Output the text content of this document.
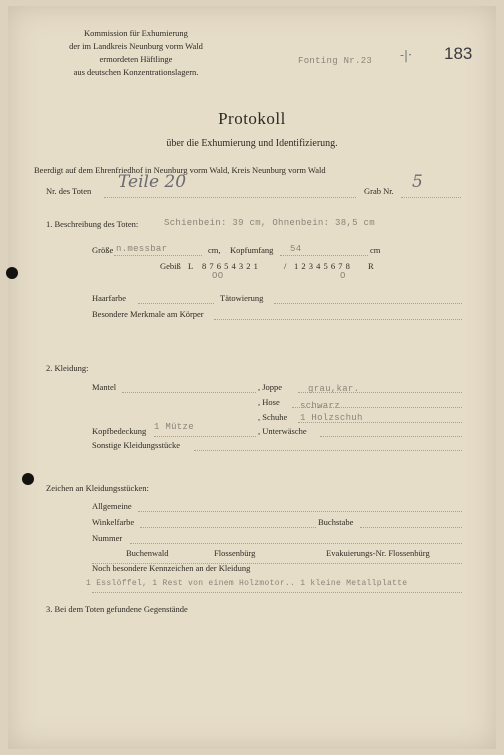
Kommission für Exhumierung
der im Landkreis Neunburg vorm Wald
ermordeten Häftlinge
aus deutschen Konzentrationslagern.
Fonting Nr.23 -|· 183
Protokoll
über die Exhumierung und Identifizierung.
Beerdigt auf dem Ehrenfriedhof in Neunburg vorm Wald, Kreis Neunburg vorm Wald
Nr. des Toten Teile 20	Grab Nr. 5
1. Beschreibung des Toten:	Schienbein: 39 cm, Ohnenbein: 38,5 cm
Größe n.messbar	cm, Kopfumfang 54	cm
Gebiß L 8 7 6 5 4 3 2 1	/ 1 2 3 4 5 6 7 8 R
OO	O
Haarfarbe	Tätowierung
Besondere Merkmale am Körper
2. Kleidung:
Mantel	, Joppe	grau,kar.
, Hose schwarz
, Schuhe 1 Holzschuh
Kopfbedeckung 1 Mütze	, Unterwäsche
Sonstige Kleidungsstücke
Zeichen an Kleidungsstücken:
Allgemeine
Winkelfarbe	Buchstabe
Nummer
Buchenwald	Flossenbürg	Evakuierungs-Nr. Flossenbürg
Noch besondere Kennzeichen an der Kleidung
1 Esslöffel, 1 Rest von einem Holzmotor.. 1 kleine Metallplatte
3. Bei dem Toten gefundene Gegenstände
